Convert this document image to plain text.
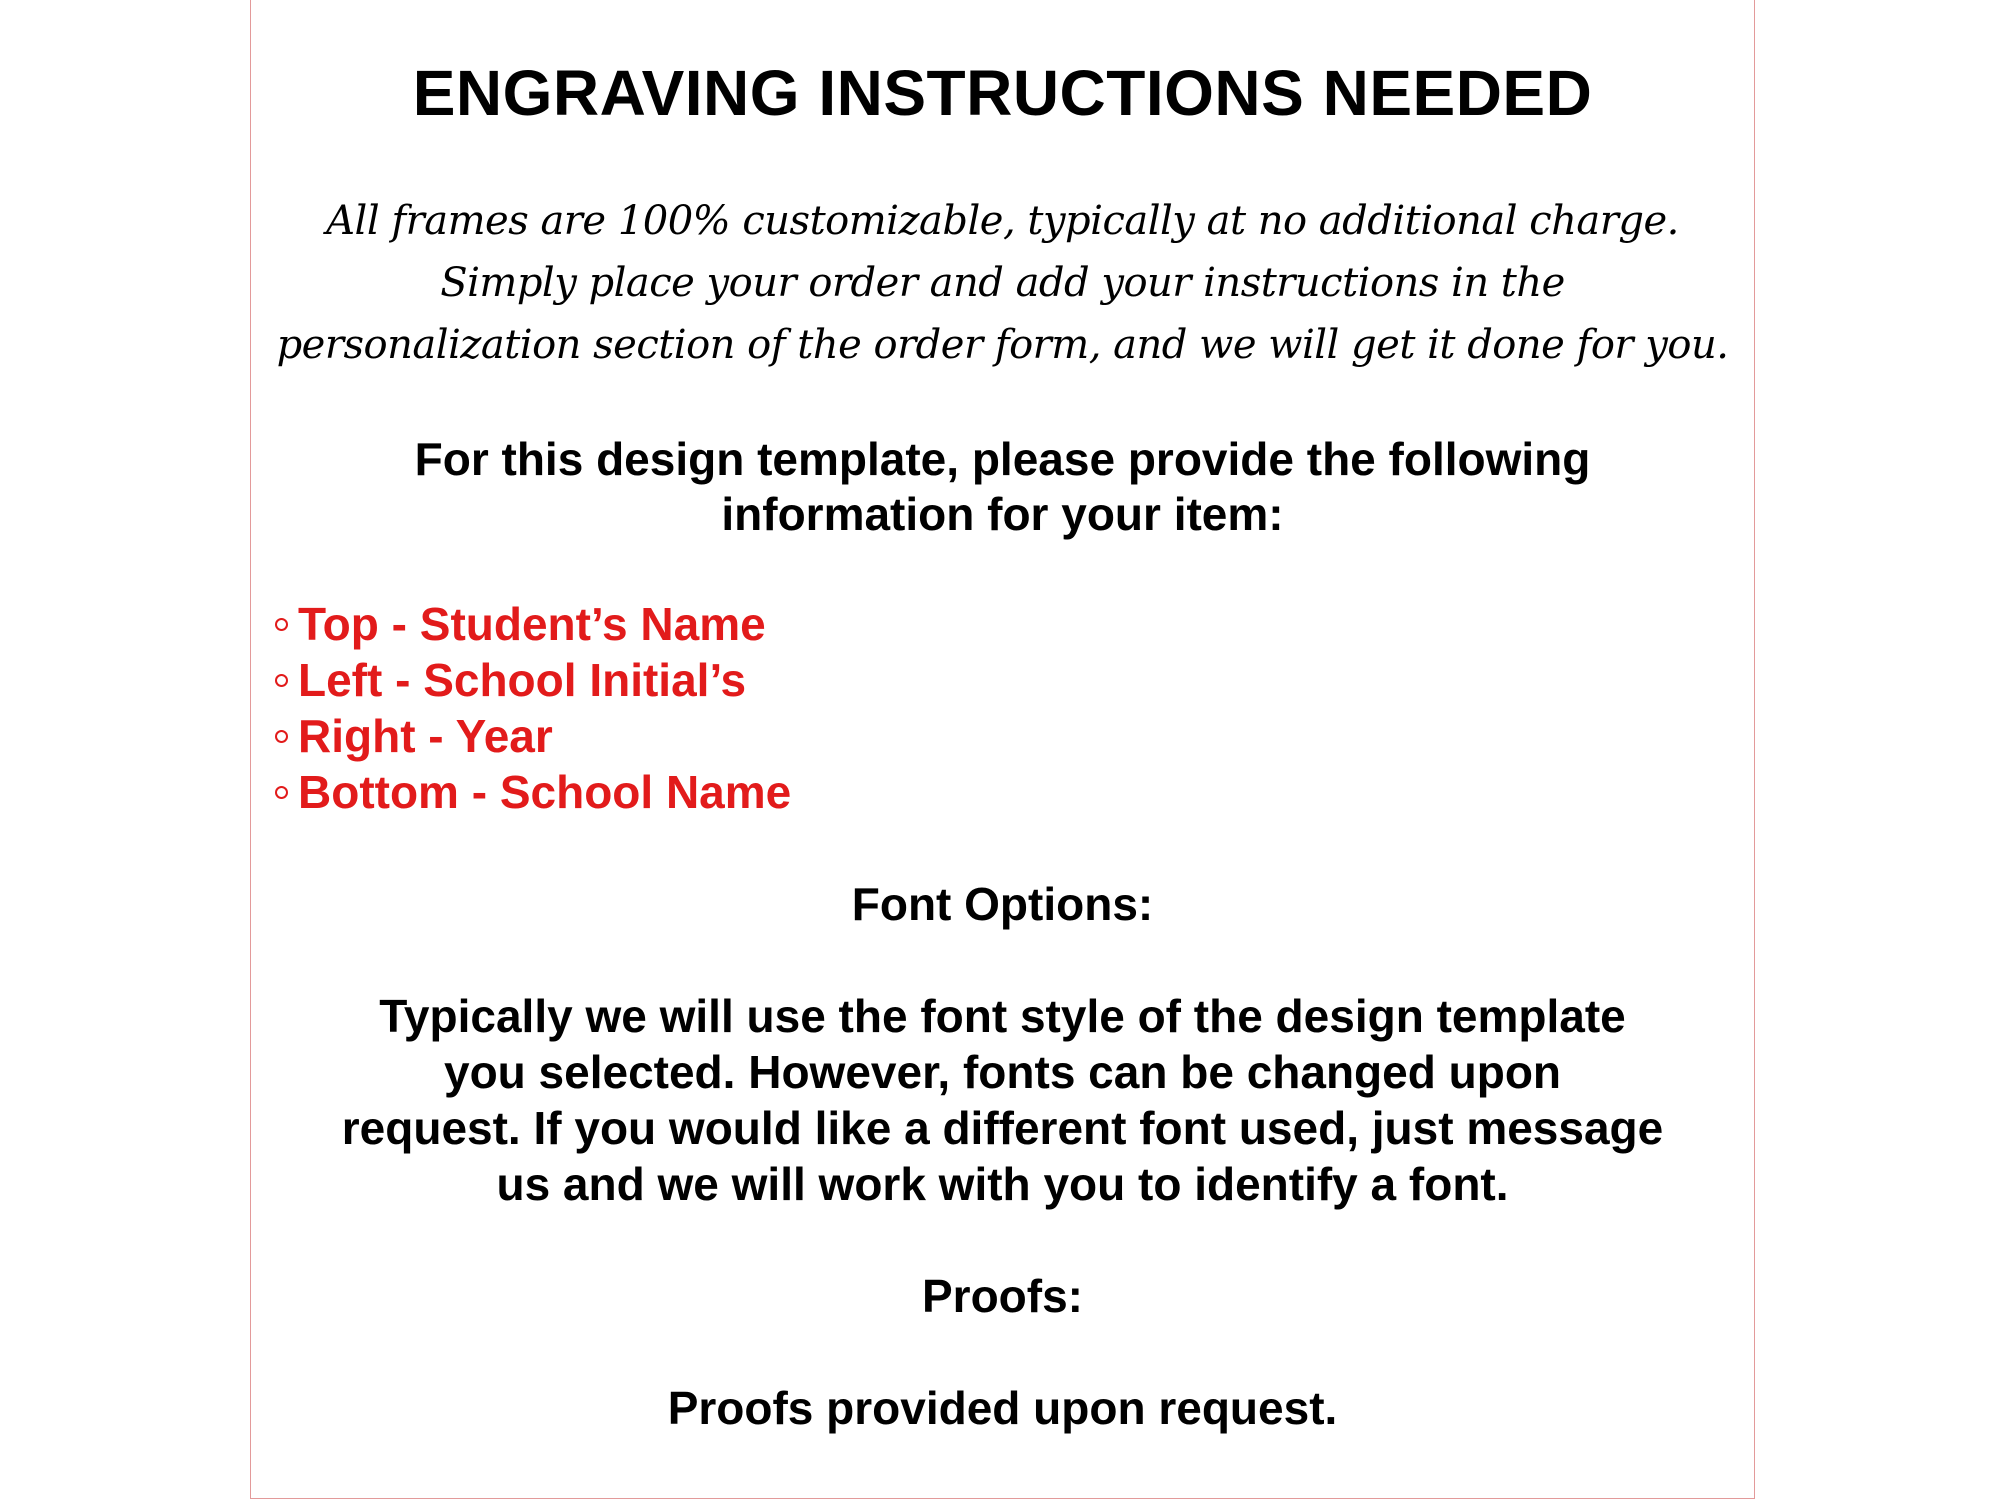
ENGRAVING INSTRUCTIONS NEEDED
All frames are 100% customizable, typically at no additional charge.
Simply place your order and add your instructions in the
personalization section of the order form, and we will get it done for you.
For this design template, please provide the following
information for your item:
Top - Student’s Name
Left - School Initial’s
Right - Year
Bottom - School Name
Font Options:
Typically we will use the font style of the design template
you selected. However, fonts can be changed upon
request. If you would like a different font used, just message
us and we will work with you to identify a font.
Proofs:
Proofs provided upon request.
